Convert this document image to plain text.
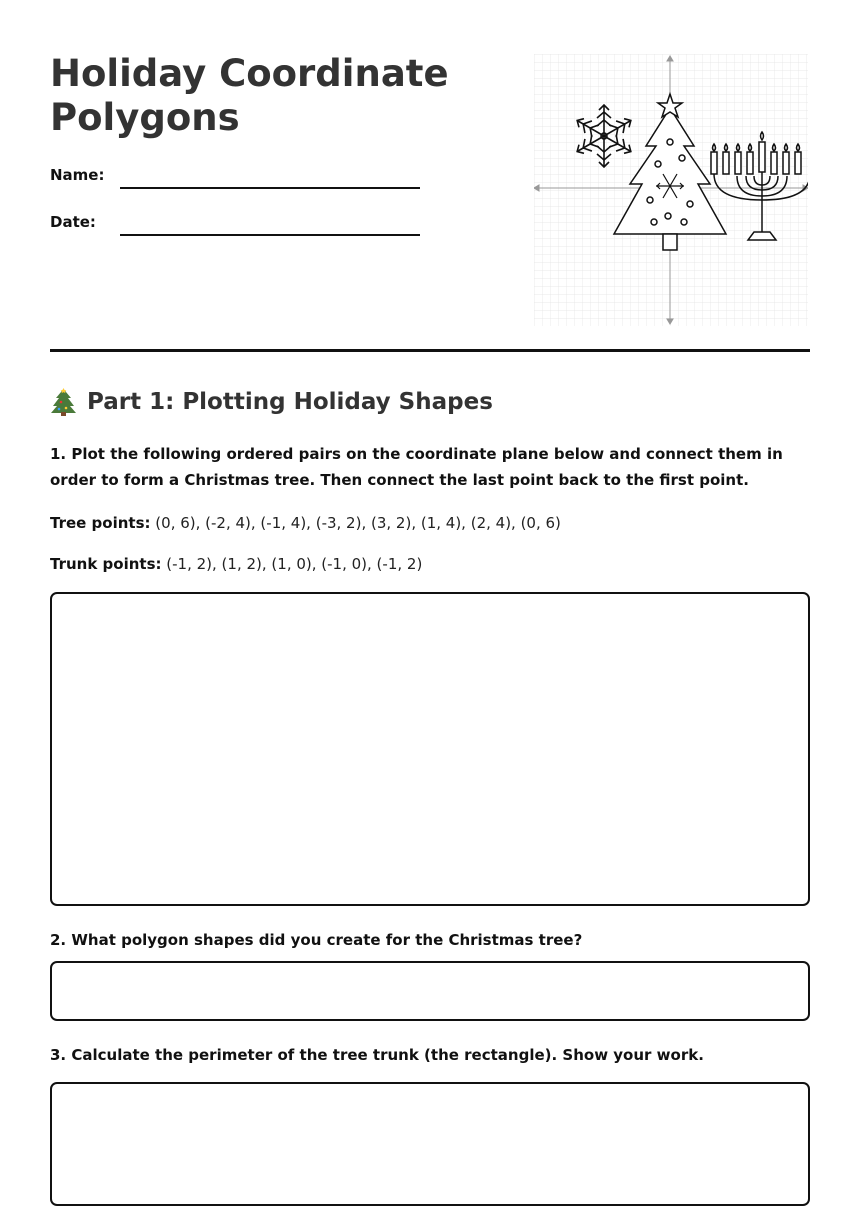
Holiday Coordinate Polygons
Name:
Date:
Part 1: Plotting Holiday Shapes

1. Plot the following ordered pairs on the coordinate plane below and connect them in order to form a Christmas tree. Then connect the last point back to the first point.

Tree points: (0, 6), (-2, 4), (-1, 4), (-3, 2), (3, 2), (1, 4), (2, 4), (0, 6)

Trunk points: (-1, 2), (1, 2), (1, 0), (-1, 0), (-1, 2)

2. What polygon shapes did you create for the Christmas tree?

3. Calculate the perimeter of the tree trunk (the rectangle). Show your work.
